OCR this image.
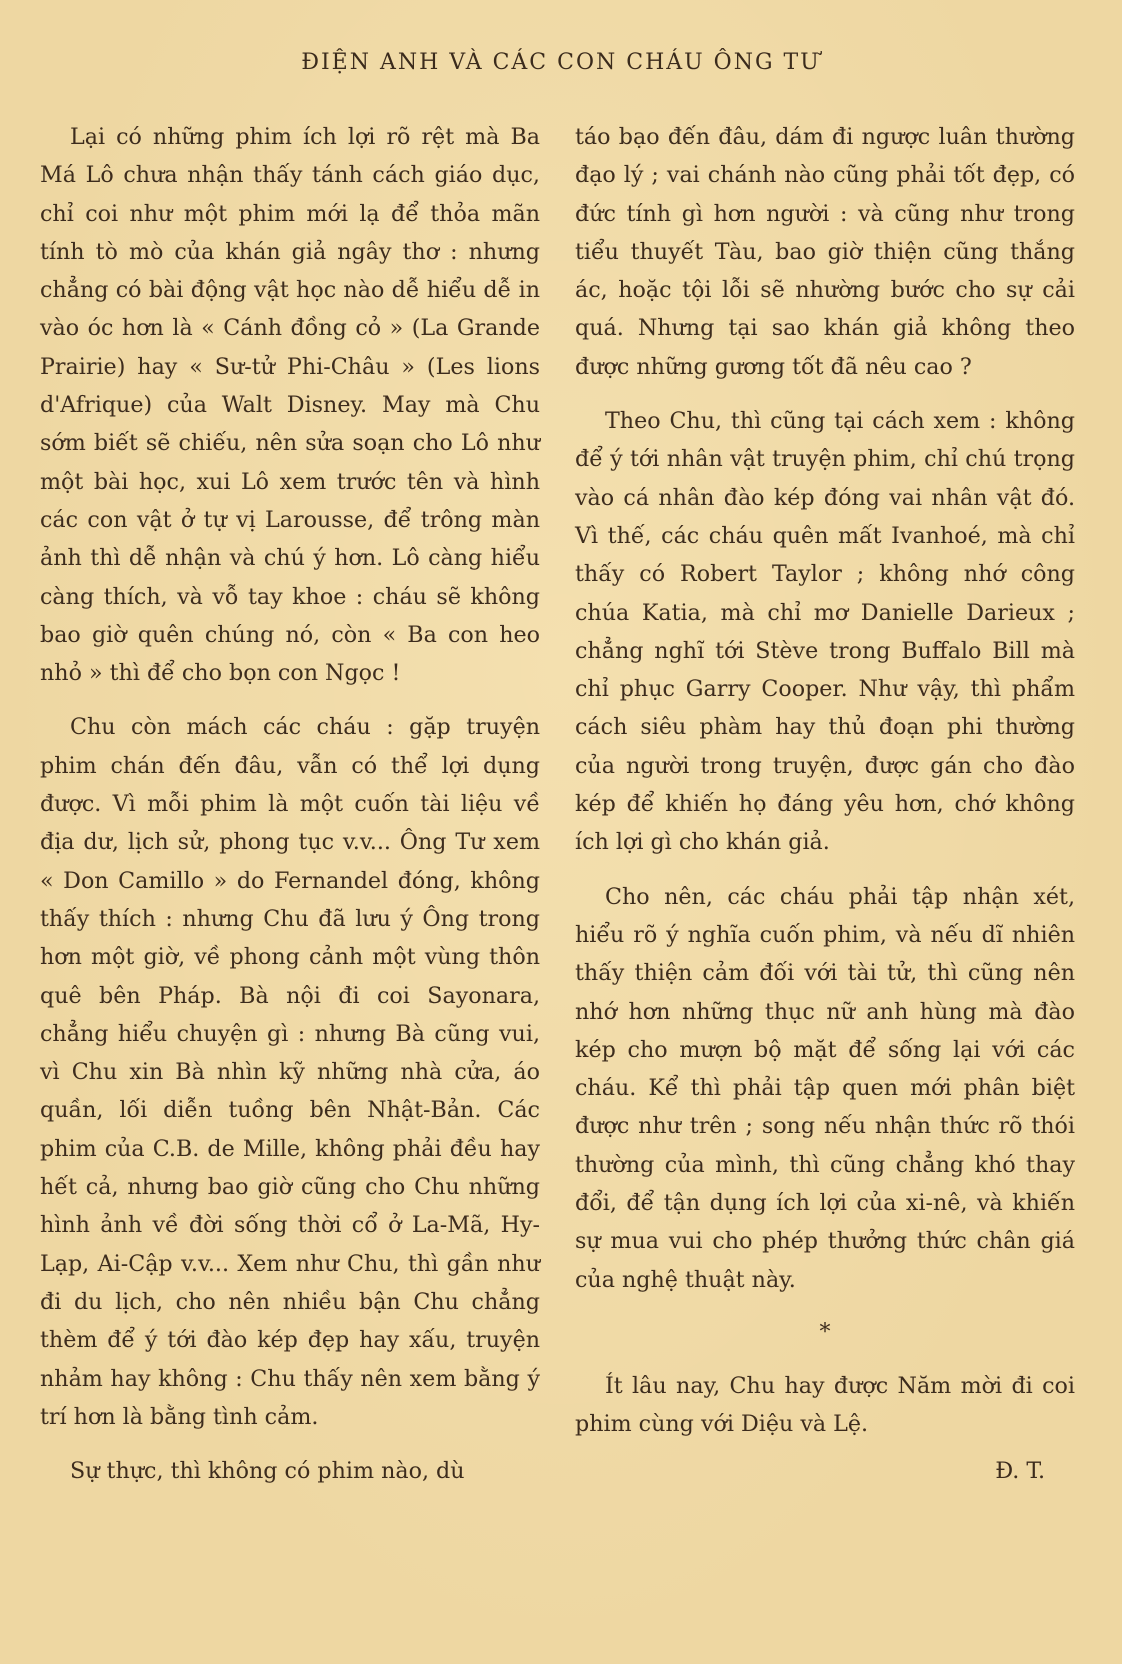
ĐIỆN ANH VÀ CÁC CON CHÁU ÔNG TƯ

Lại có những phim ích lợi rõ rệt mà Ba Má Lô chưa nhận thấy tánh cách giáo dục, chỉ coi như một phim mới lạ để thỏa mãn tính tò mò của khán giả ngây thơ : nhưng chẳng có bài động vật học nào dễ hiểu dễ in vào óc hơn là « Cánh đồng cỏ » (La Grande Prairie) hay « Sư-tử Phi-Châu » (Les lions d'Afrique) của Walt Disney. May mà Chu sớm biết sẽ chiếu, nên sửa soạn cho Lô như một bài học, xui Lô xem trước tên và hình các con vật ở tự vị Larousse, để trông màn ảnh thì dễ nhận và chú ý hơn. Lô càng hiểu càng thích, và vỗ tay khoe : cháu sẽ không bao giờ quên chúng nó, còn « Ba con heo nhỏ » thì để cho bọn con Ngọc !

Chu còn mách các cháu : gặp truyện phim chán đến đâu, vẫn có thể lợi dụng được. Vì mỗi phim là một cuốn tài liệu về địa dư, lịch sử, phong tục v.v... Ông Tư xem « Don Camillo » do Fernandel đóng, không thấy thích : nhưng Chu đã lưu ý Ông trong hơn một giờ, về phong cảnh một vùng thôn quê bên Pháp. Bà nội đi coi Sayonara, chẳng hiểu chuyện gì : nhưng Bà cũng vui, vì Chu xin Bà nhìn kỹ những nhà cửa, áo quần, lối diễn tuồng bên Nhật-Bản. Các phim của C.B. de Mille, không phải đều hay hết cả, nhưng bao giờ cũng cho Chu những hình ảnh về đời sống thời cổ ở La-Mã, Hy-Lạp, Ai-Cập v.v... Xem như Chu, thì gần như đi du lịch, cho nên nhiều bận Chu chẳng thèm để ý tới đào kép đẹp hay xấu, truyện nhảm hay không : Chu thấy nên xem bằng ý trí hơn là bằng tình cảm.

Sự thực, thì không có phim nào, dù

táo bạo đến đâu, dám đi ngược luân thường đạo lý ; vai chánh nào cũng phải tốt đẹp, có đức tính gì hơn người : và cũng như trong tiểu thuyết Tàu, bao giờ thiện cũng thắng ác, hoặc tội lỗi sẽ nhường bước cho sự cải quá. Nhưng tại sao khán giả không theo được những gương tốt đã nêu cao ?

Theo Chu, thì cũng tại cách xem : không để ý tới nhân vật truyện phim, chỉ chú trọng vào cá nhân đào kép đóng vai nhân vật đó. Vì thế, các cháu quên mất Ivanhoé, mà chỉ thấy có Robert Taylor ; không nhớ công chúa Katia, mà chỉ mơ Danielle Darieux ; chẳng nghĩ tới Stève trong Buffalo Bill mà chỉ phục Garry Cooper. Như vậy, thì phẩm cách siêu phàm hay thủ đoạn phi thường của người trong truyện, được gán cho đào kép để khiến họ đáng yêu hơn, chớ không ích lợi gì cho khán giả.

Cho nên, các cháu phải tập nhận xét, hiểu rõ ý nghĩa cuốn phim, và nếu dĩ nhiên thấy thiện cảm đối với tài tử, thì cũng nên nhớ hơn những thục nữ anh hùng mà đào kép cho mượn bộ mặt để sống lại với các cháu. Kể thì phải tập quen mới phân biệt được như trên ; song nếu nhận thức rõ thói thường của mình, thì cũng chẳng khó thay đổi, để tận dụng ích lợi của xi-nê, và khiến sự mua vui cho phép thưởng thức chân giá của nghệ thuật này.

*

Ít lâu nay, Chu hay được Năm mời đi coi phim cùng với Diệu và Lệ.

Đ. T.
